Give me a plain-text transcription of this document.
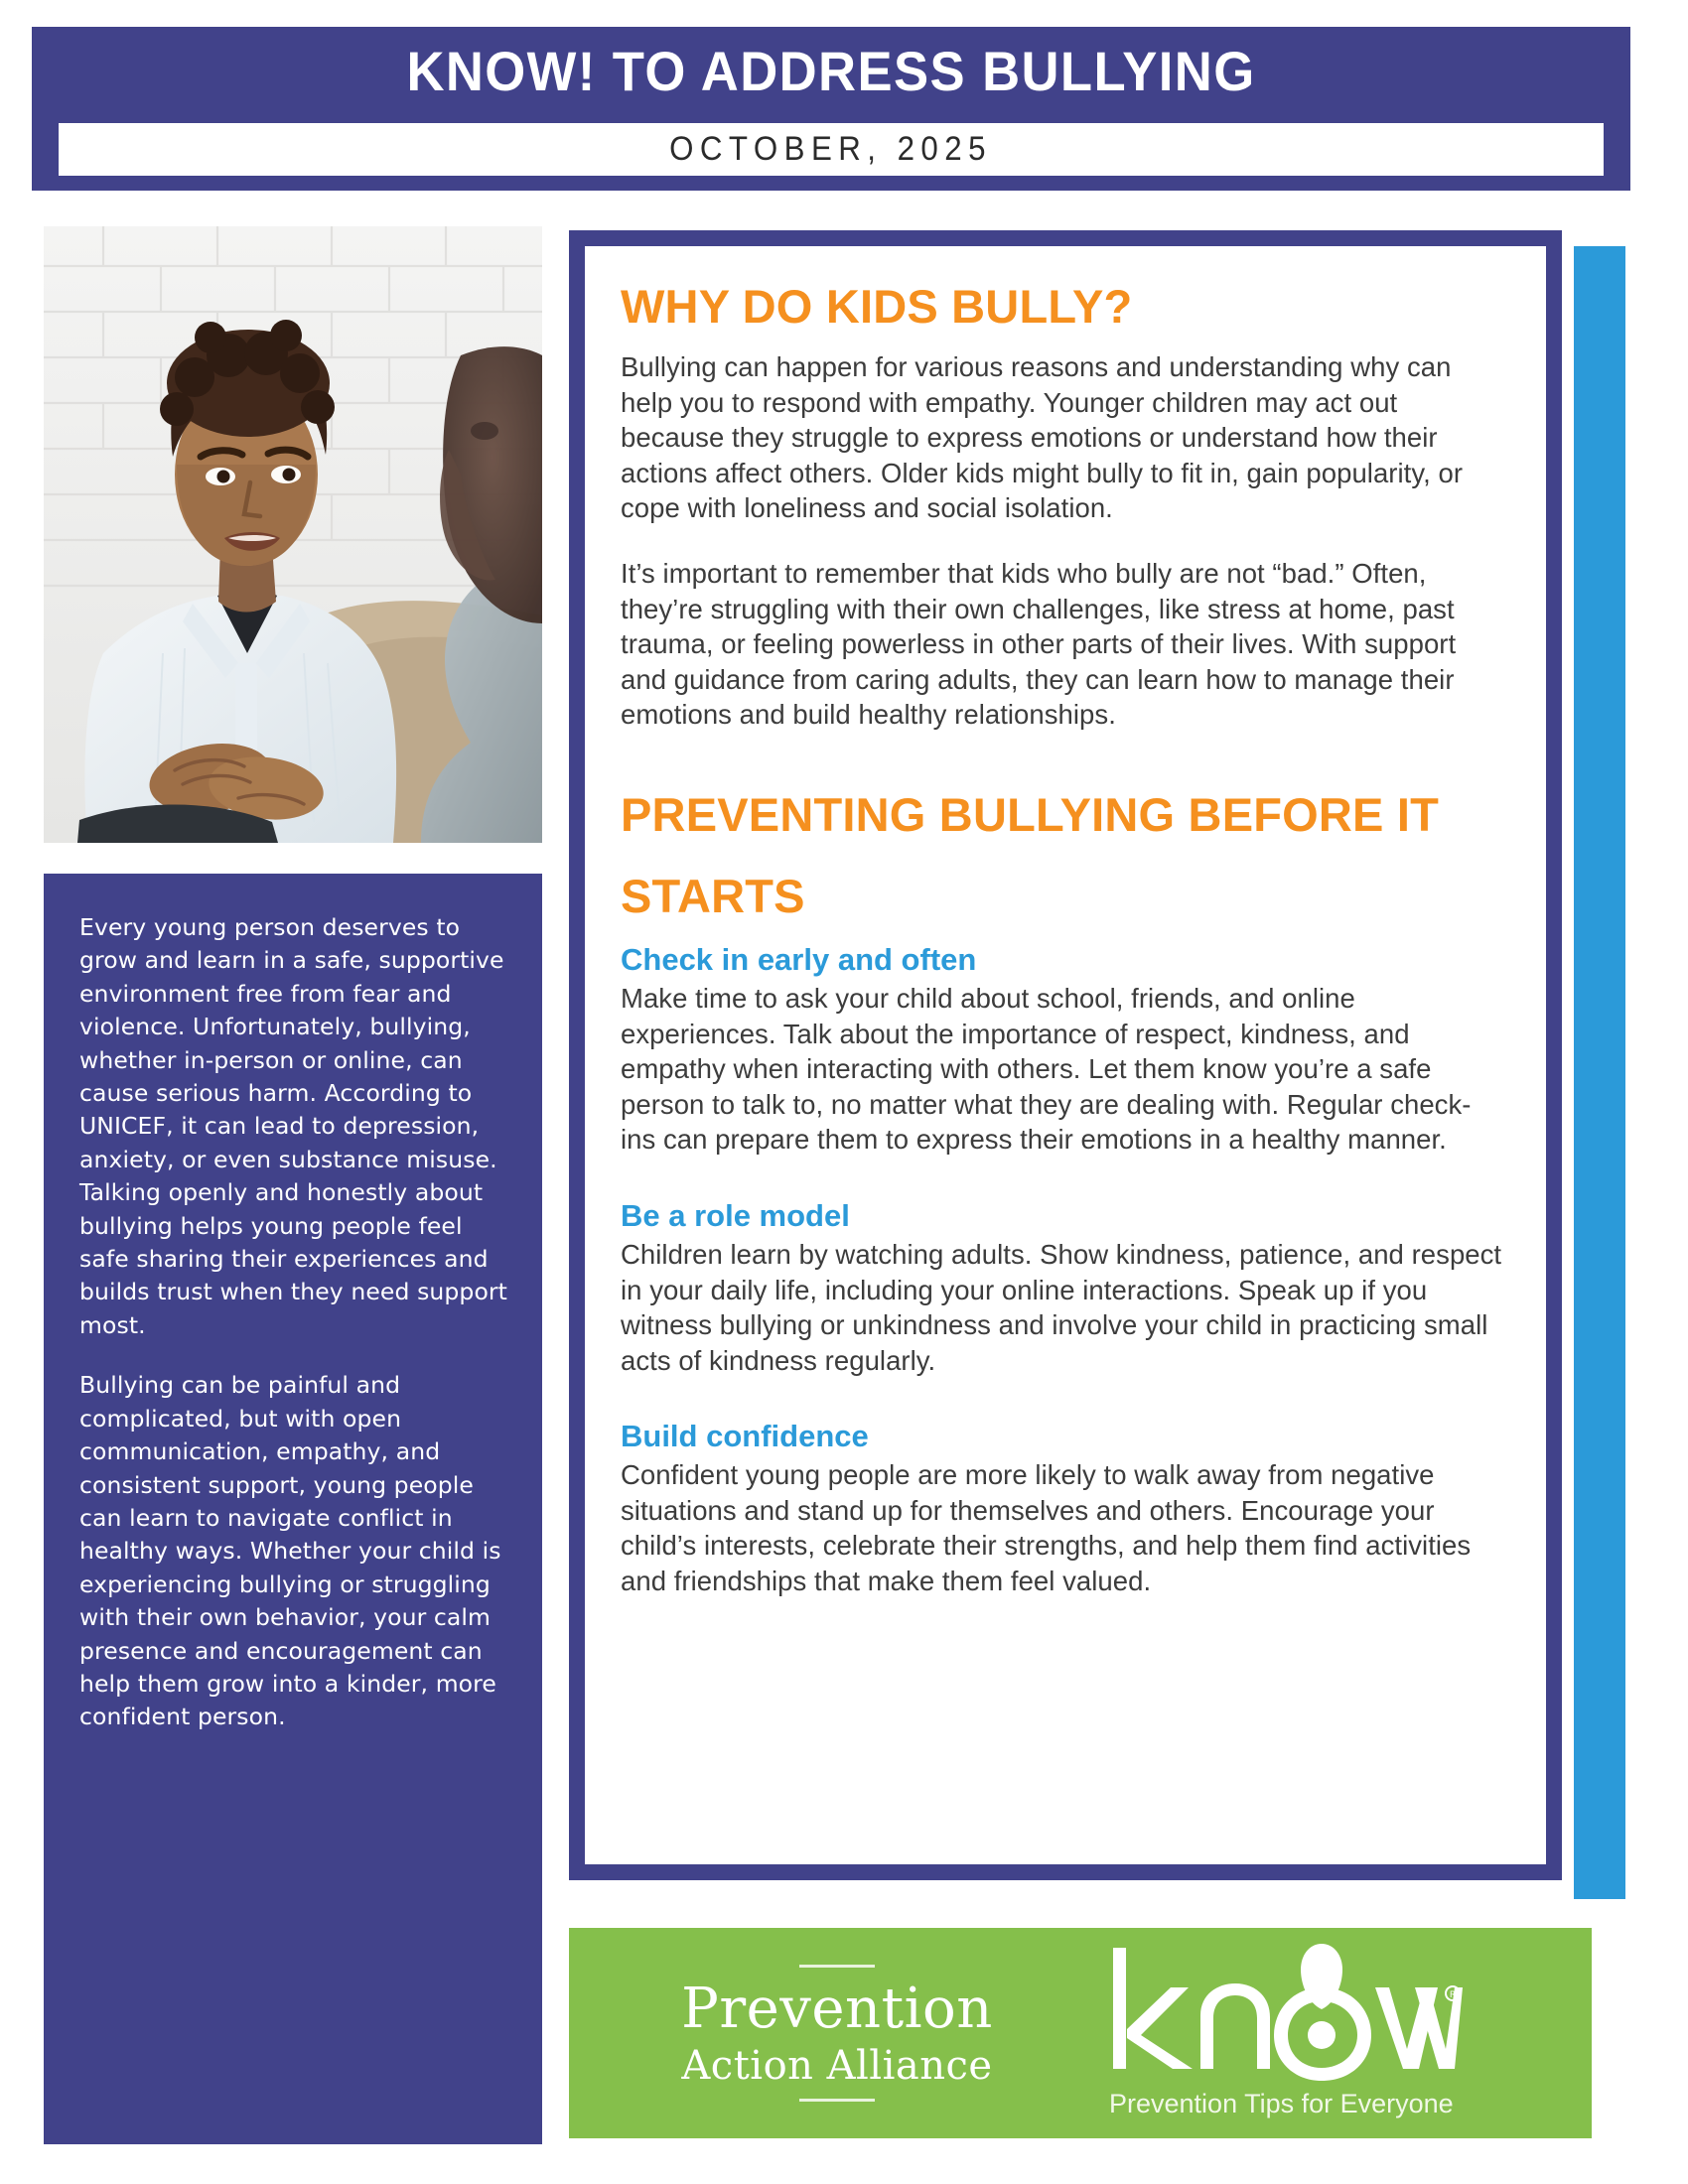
KNOW! TO ADDRESS BULLYING
OCTOBER, 2025

Every young person deserves to grow and learn in a safe, supportive environment free from fear and violence. Unfortunately, bullying, whether in-person or online, can cause serious harm. According to UNICEF, it can lead to depression, anxiety, or even substance misuse. Talking openly and honestly about bullying helps young people feel safe sharing their experiences and builds trust when they need support most.

Bullying can be painful and complicated, but with open communication, empathy, and consistent support, young people can learn to navigate conflict in healthy ways. Whether your child is experiencing bullying or struggling with their own behavior, your calm presence and encouragement can help them grow into a kinder, more confident person.

WHY DO KIDS BULLY?

Bullying can happen for various reasons and understanding why can help you to respond with empathy. Younger children may act out because they struggle to express emotions or understand how their actions affect others. Older kids might bully to fit in, gain popularity, or cope with loneliness and social isolation.

It’s important to remember that kids who bully are not “bad.” Often, they’re struggling with their own challenges, like stress at home, past trauma, or feeling powerless in other parts of their lives. With support and guidance from caring adults, they can learn how to manage their emotions and build healthy relationships.

PREVENTING BULLYING BEFORE IT STARTS
Check in early and often

Make time to ask your child about school, friends, and online experiences. Talk about the importance of respect, kindness, and empathy when interacting with others. Let them know you’re a safe person to talk to, no matter what they are dealing with. Regular check-ins can prepare them to express their emotions in a healthy manner.

Be a role model

Children learn by watching adults. Show kindness, patience, and respect in your daily life, including your online interactions. Speak up if you witness bullying or unkindness and involve your child in practicing small acts of kindness regularly.

Build confidence

Confident young people are more likely to walk away from negative situations and stand up for themselves and others. Encourage your child’s interests, celebrate their strengths, and help them find activities and friendships that make them feel valued.

Prevention
Action Alliance
R
Prevention Tips for Everyone
